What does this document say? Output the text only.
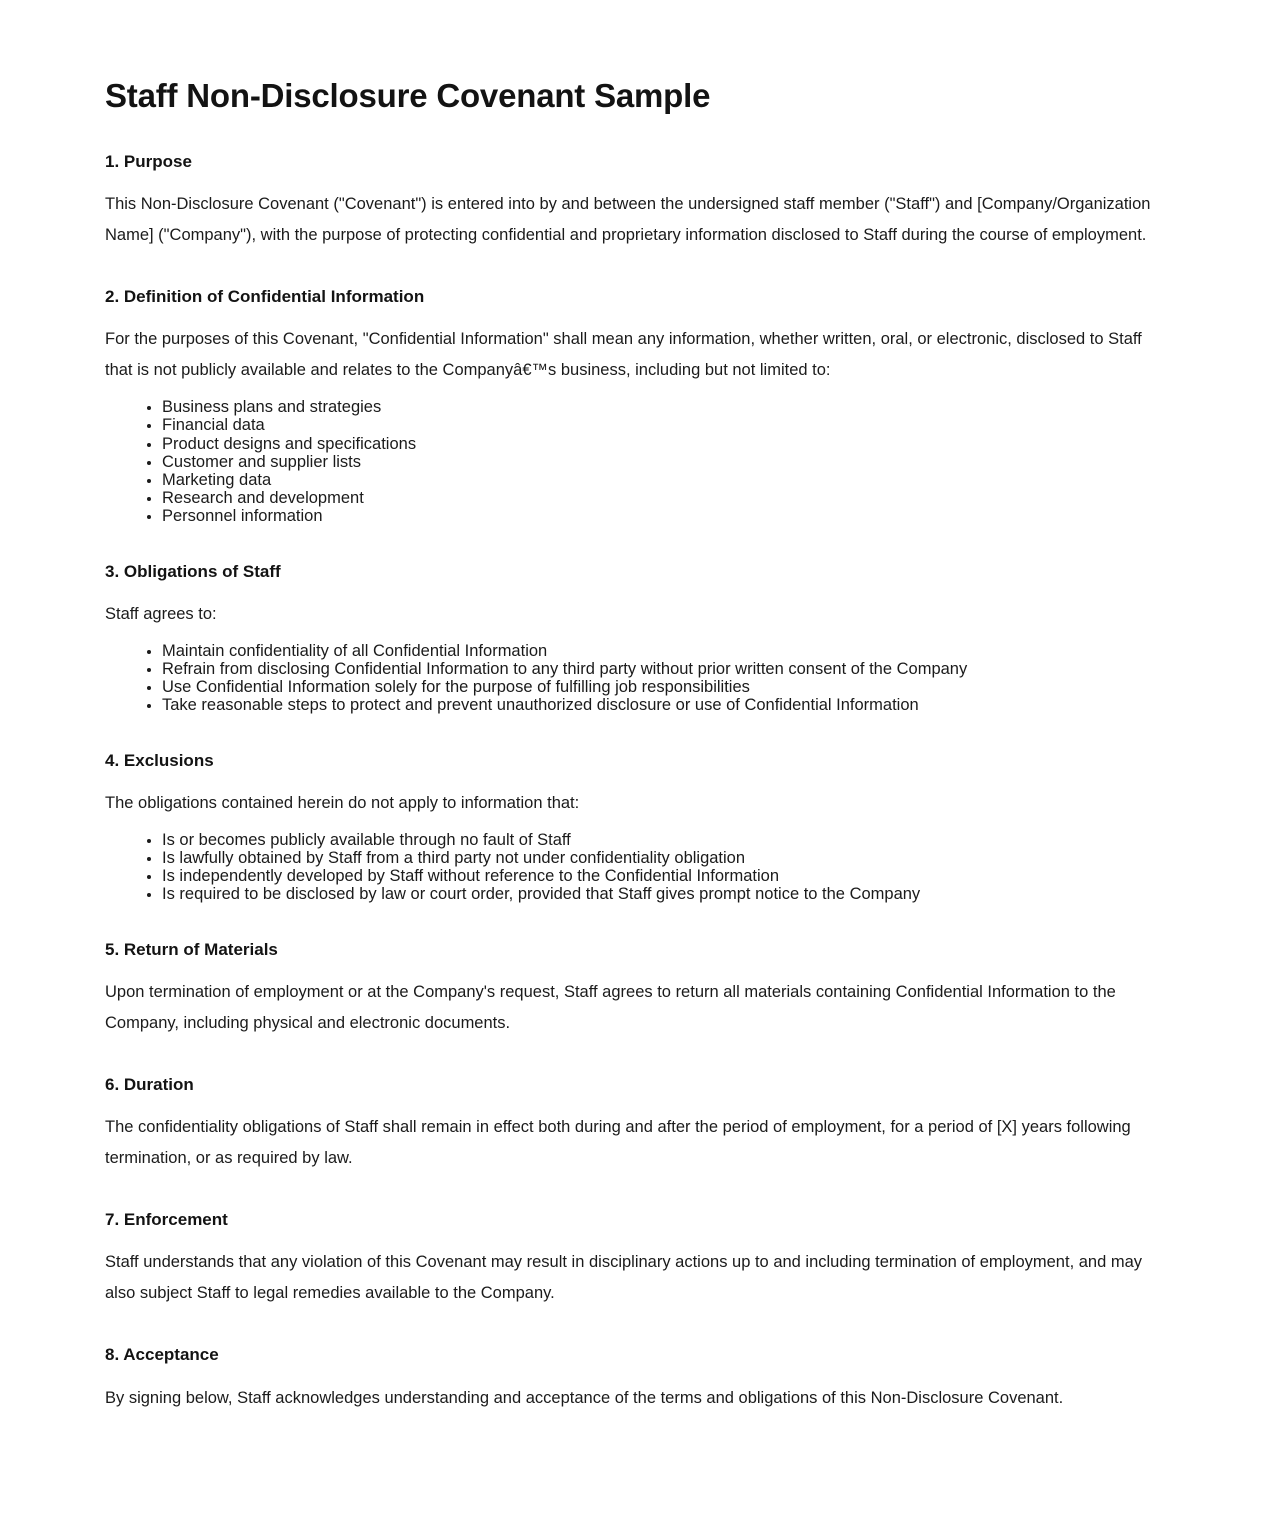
Staff Non-Disclosure Covenant Sample
1. Purpose

This Non-Disclosure Covenant ("Covenant") is entered into by and between the undersigned staff member ("Staff") and [Company/Organization Name] ("Company"), with the purpose of protecting confidential and proprietary information disclosed to Staff during the course of employment.

2. Definition of Confidential Information

For the purposes of this Covenant, "Confidential Information" shall mean any information, whether written, oral, or electronic, disclosed to Staff that is not publicly available and relates to the Companyâ€™s business, including but not limited to:

• Business plans and strategies
• Financial data
• Product designs and specifications
• Customer and supplier lists
• Marketing data
• Research and development
• Personnel information
3. Obligations of Staff

Staff agrees to:

• Maintain confidentiality of all Confidential Information
• Refrain from disclosing Confidential Information to any third party without prior written consent of the Company
• Use Confidential Information solely for the purpose of fulfilling job responsibilities
• Take reasonable steps to protect and prevent unauthorized disclosure or use of Confidential Information
4. Exclusions

The obligations contained herein do not apply to information that:

• Is or becomes publicly available through no fault of Staff
• Is lawfully obtained by Staff from a third party not under confidentiality obligation
• Is independently developed by Staff without reference to the Confidential Information
• Is required to be disclosed by law or court order, provided that Staff gives prompt notice to the Company
5. Return of Materials

Upon termination of employment or at the Company's request, Staff agrees to return all materials containing Confidential Information to the Company, including physical and electronic documents.

6. Duration

The confidentiality obligations of Staff shall remain in effect both during and after the period of employment, for a period of [X] years following termination, or as required by law.

7. Enforcement

Staff understands that any violation of this Covenant may result in disciplinary actions up to and including termination of employment, and may also subject Staff to legal remedies available to the Company.

8. Acceptance

By signing below, Staff acknowledges understanding and acceptance of the terms and obligations of this Non-Disclosure Covenant.
